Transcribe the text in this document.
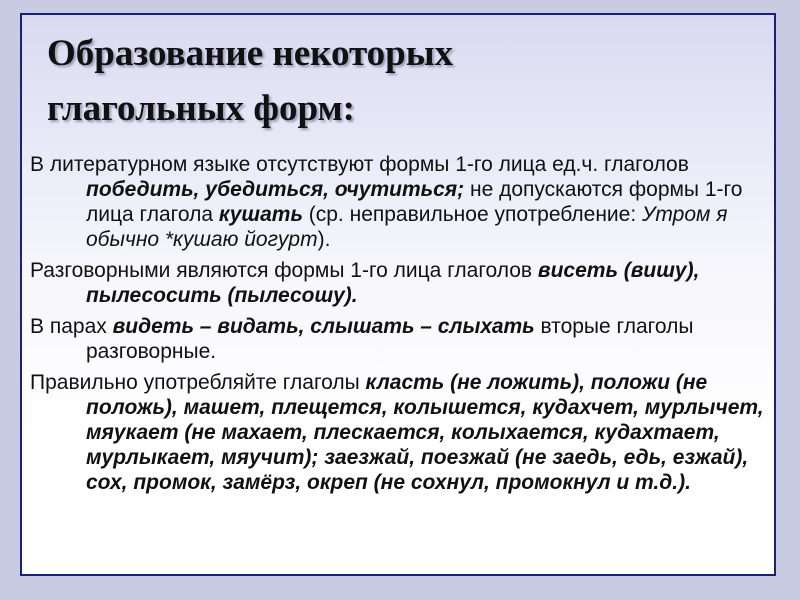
Образование некоторых
глагольных форм:

В литературном языке отсутствуют формы 1-го лица ед.ч. глаголов победить, убедиться, очутиться; не допускаются формы 1-го лица глагола кушать (ср. неправильное употребление: Утром я обычно *кушаю йогурт).

Разговорными являются формы 1-го лица глаголов висеть (вишу), пылесосить (пылесошу).

В парах видеть – видать, слышать – слыхать вторые глаголы разговорные.

Правильно употребляйте глаголы класть (не ложить), положи (не положь), машет, плещется, колышется, кудахчет, мурлычет, мяукает (не махает, плескается, колыхается, кудахтает, мурлыкает, мяучит); заезжай, поезжай (не заедь, едь, езжай), сох, промок, замёрз, окреп (не сохнул, промокнул и т.д.).
